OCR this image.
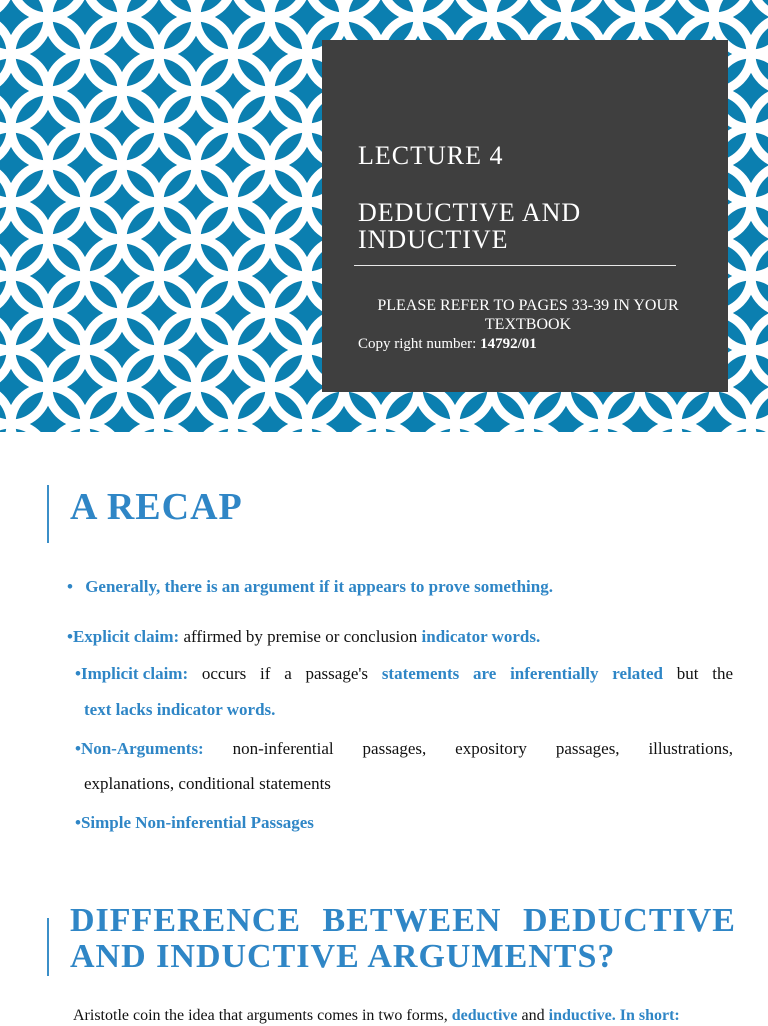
LECTURE 4
DEDUCTIVE AND
INDUCTIVE
PLEASE REFER TO PAGES 33-39 IN YOUR
TEXTBOOK
Copy right number: 14792/01
A RECAP
• Generally, there is an argument if it appears to prove something.
•Explicit claim: affirmed by premise or conclusion indicator words.
•Implicit claim: occurs if a passage's statements are inferentially related but the
text lacks indicator words.
•Non-Arguments: non-inferential passages, expository passages, illustrations,
explanations, conditional statements
•Simple Non-inferential Passages
DIFFERENCE BETWEEN DEDUCTIVE
AND INDUCTIVE ARGUMENTS?
Aristotle coin the idea that arguments comes in two forms, deductive and inductive. In short:
